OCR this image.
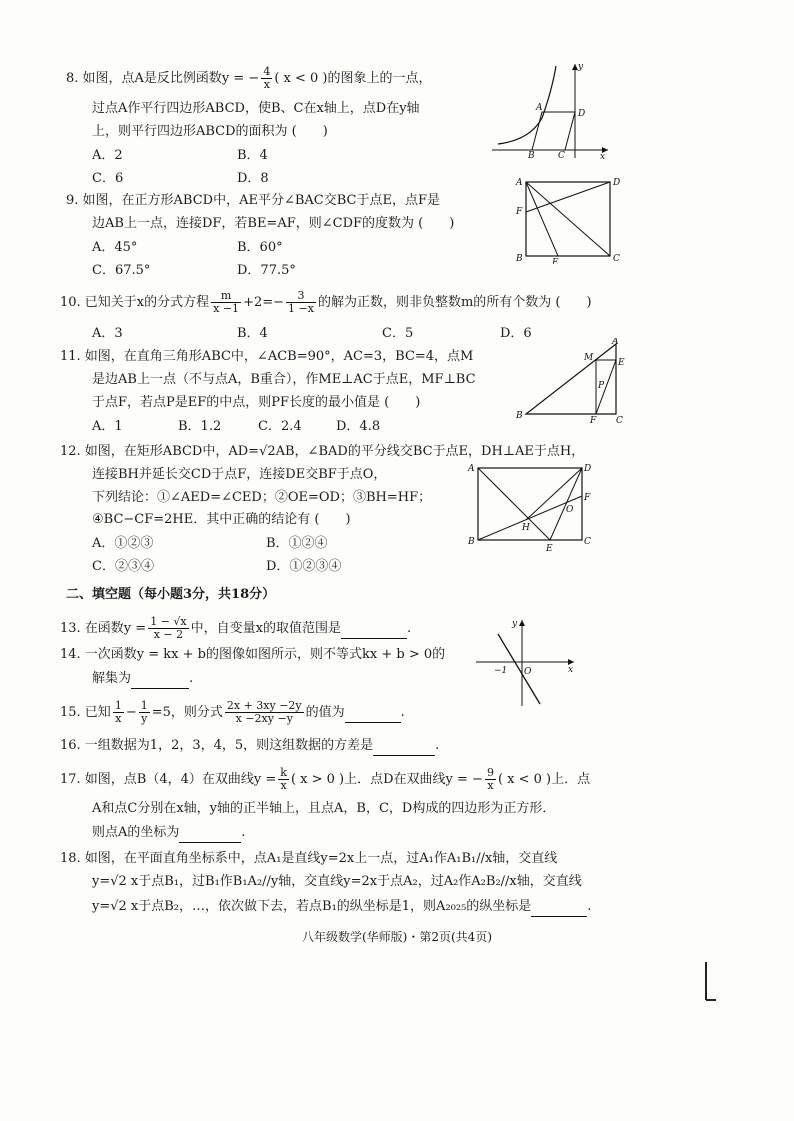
8. 如图，点A是反比例函数y = − $\frac{4}{x}$ ( x < 0 )的图象上的一点，
过点A作平行四边形ABCD，使B、C在x轴上，点D在y轴
上，则平行四边形ABCD的面积为 (　　)
A．2	B．4
C．6	D．8
A
B	C
D
x
y
9. 如图，在正方形ABCD中，AE平分∠BAC交BC于点E，点F是
边AB上一点，连接DF，若BE=AF，则∠CDF的度数为 (　　)
A．45°	B．60°
C．67.5°	D．77.5°
A	D
F
B	E	C
10. 已知关于x的分式方程 $\frac{m}{x -1} +2=- \frac{3}{1 -x}$ 的解为正数，则非负整数m的所有个数为 (　　)
A．3	B．4	C．5	D．6
11. 如图，在直角三角形ABC中，∠ACB=90°，AC=3，BC=4，点M
是边AB上一点（不与点A，B重合），作ME⊥AC于点E，MF⊥BC
于点F，若点P是EF的中点，则PF长度的最小值是 (　　)
A．1	B．1.2	C．2.4	D．4.8
A
M	E
P
B	F C
12. 如图，在矩形ABCD中，AD=√2AB，∠BAD的平分线交BC于点E，DH⊥AE于点H，
连接BH并延长交CD于点F，连接DE交BF于点O，
下列结论：①∠AED=∠CED；②OE=OD；③BH=HF；
④BC−CF=2HE．其中正确的结论有 (　　)
A．①②③	B．①②④
C．②③④	D．①②③④
A	D
F
O
H
B
E
C
二、填空题（每小题3分，共18分）
13. 在函数$y = \frac{1 - √x}{x - 2}$ 中，自变量x的取值范围是	.
14. 一次函数y = kx + b的图像如图所示，则不等式kx + b > 0的
解集为	.
y
x
O
−1
15. 已知 $\frac{1}{x} - \frac{1}{y} =5$，则分式 $\frac{2x + 3xy -2y}{x -2xy -y}$ 的值为	.
16. 一组数据为1，2，3，4，5，则这组数据的方差是	.
17. 如图，点B（4，4）在双曲线$y = \frac{k}{x}$ ( x > 0 )上．点D在双曲线y = − $\frac{9}{x}$ ( x < 0 )上．点
A和点C分别在x轴，y轴的正半轴上，且点A，B，C，D构成的四边形为正方形．
则点A的坐标为	.
18. 如图，在平面直角坐标系中，点A₁是直线y=2x上一点，过A₁作A₁B₁//x轴，交直线
y=√2 x于点B₁，过B₁作B₁A₂//y轴，交直线y=2x于点A₂，过A₂作A₂B₂//x轴，交直线
y=√2 x于点B₂，…，依次做下去，若点B₁的纵坐标是1，则A₂₀₂₅的纵坐标是	.
八年级数学(华师版)・第2页(共4页)
